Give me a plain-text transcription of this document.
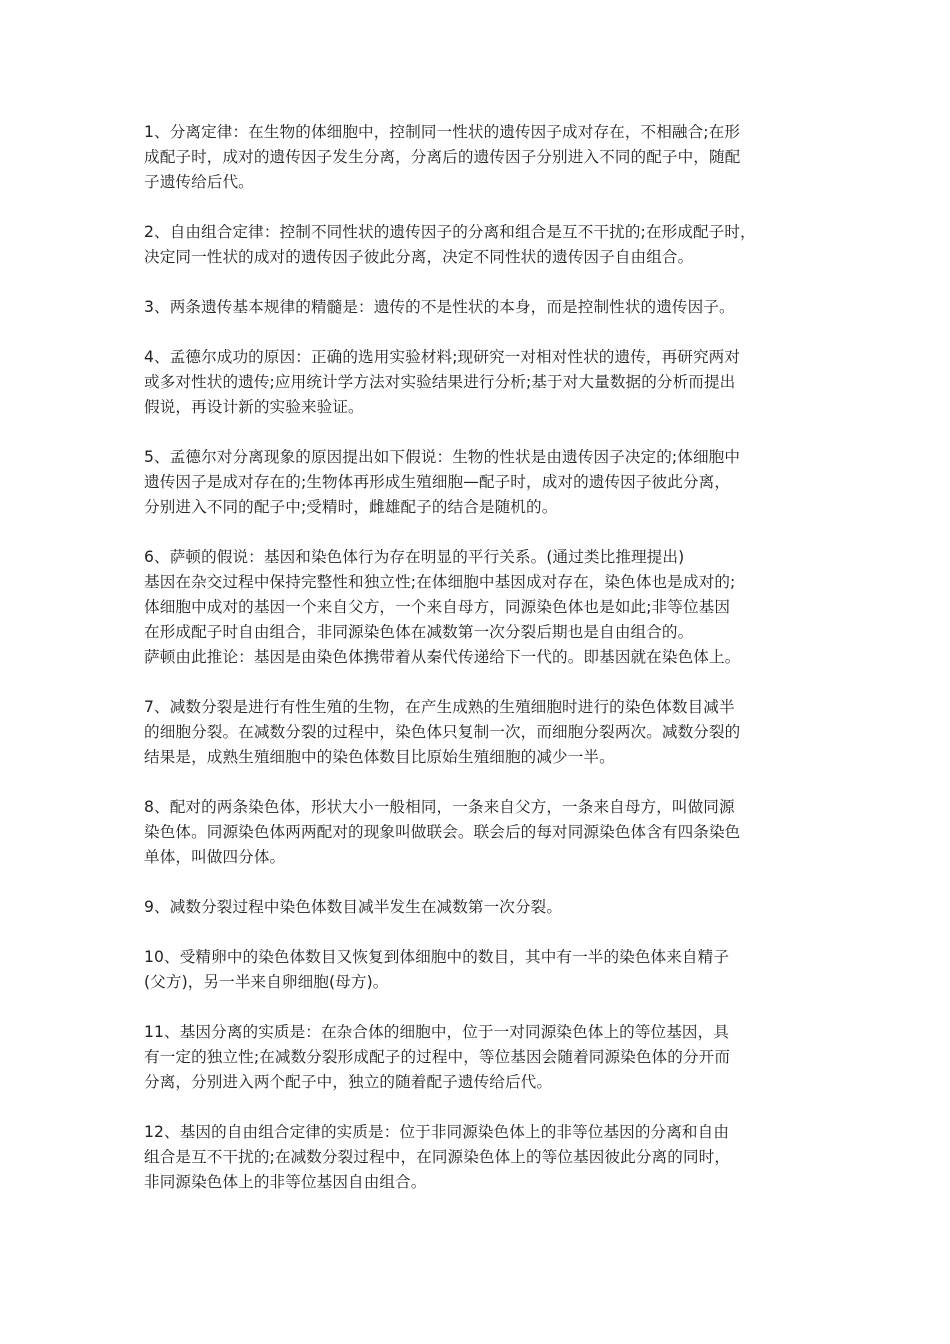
1、分离定律：在生物的体细胞中，控制同一性状的遗传因子成对存在，不相融合;在形
成配子时，成对的遗传因子发生分离，分离后的遗传因子分别进入不同的配子中，随配
子遗传给后代。

2、自由组合定律：控制不同性状的遗传因子的分离和组合是互不干扰的;在形成配子时，
决定同一性状的成对的遗传因子彼此分离，决定不同性状的遗传因子自由组合。

3、两条遗传基本规律的精髓是：遗传的不是性状的本身，而是控制性状的遗传因子。

4、孟德尔成功的原因：正确的选用实验材料;现研究一对相对性状的遗传，再研究两对
或多对性状的遗传;应用统计学方法对实验结果进行分析;基于对大量数据的分析而提出
假说，再设计新的实验来验证。

5、孟德尔对分离现象的原因提出如下假说：生物的性状是由遗传因子决定的;体细胞中
遗传因子是成对存在的;生物体再形成生殖细胞—配子时，成对的遗传因子彼此分离，
分别进入不同的配子中;受精时，雌雄配子的结合是随机的。

6、萨顿的假说：基因和染色体行为存在明显的平行关系。(通过类比推理提出)
基因在杂交过程中保持完整性和独立性;在体细胞中基因成对存在，染色体也是成对的;
体细胞中成对的基因一个来自父方，一个来自母方，同源染色体也是如此;非等位基因
在形成配子时自由组合，非同源染色体在减数第一次分裂后期也是自由组合的。
萨顿由此推论：基因是由染色体携带着从秦代传递给下一代的。即基因就在染色体上。

7、减数分裂是进行有性生殖的生物，在产生成熟的生殖细胞时进行的染色体数目减半
的细胞分裂。在减数分裂的过程中，染色体只复制一次，而细胞分裂两次。减数分裂的
结果是，成熟生殖细胞中的染色体数目比原始生殖细胞的减少一半。

8、配对的两条染色体，形状大小一般相同，一条来自父方，一条来自母方，叫做同源
染色体。同源染色体两两配对的现象叫做联会。联会后的每对同源染色体含有四条染色
单体，叫做四分体。

9、减数分裂过程中染色体数目减半发生在减数第一次分裂。

10、受精卵中的染色体数目又恢复到体细胞中的数目，其中有一半的染色体来自精子
(父方)，另一半来自卵细胞(母方)。

11、基因分离的实质是：在杂合体的细胞中，位于一对同源染色体上的等位基因，具
有一定的独立性;在减数分裂形成配子的过程中，等位基因会随着同源染色体的分开而
分离，分别进入两个配子中，独立的随着配子遗传给后代。

12、基因的自由组合定律的实质是：位于非同源染色体上的非等位基因的分离和自由
组合是互不干扰的;在减数分裂过程中，在同源染色体上的等位基因彼此分离的同时，
非同源染色体上的非等位基因自由组合。
